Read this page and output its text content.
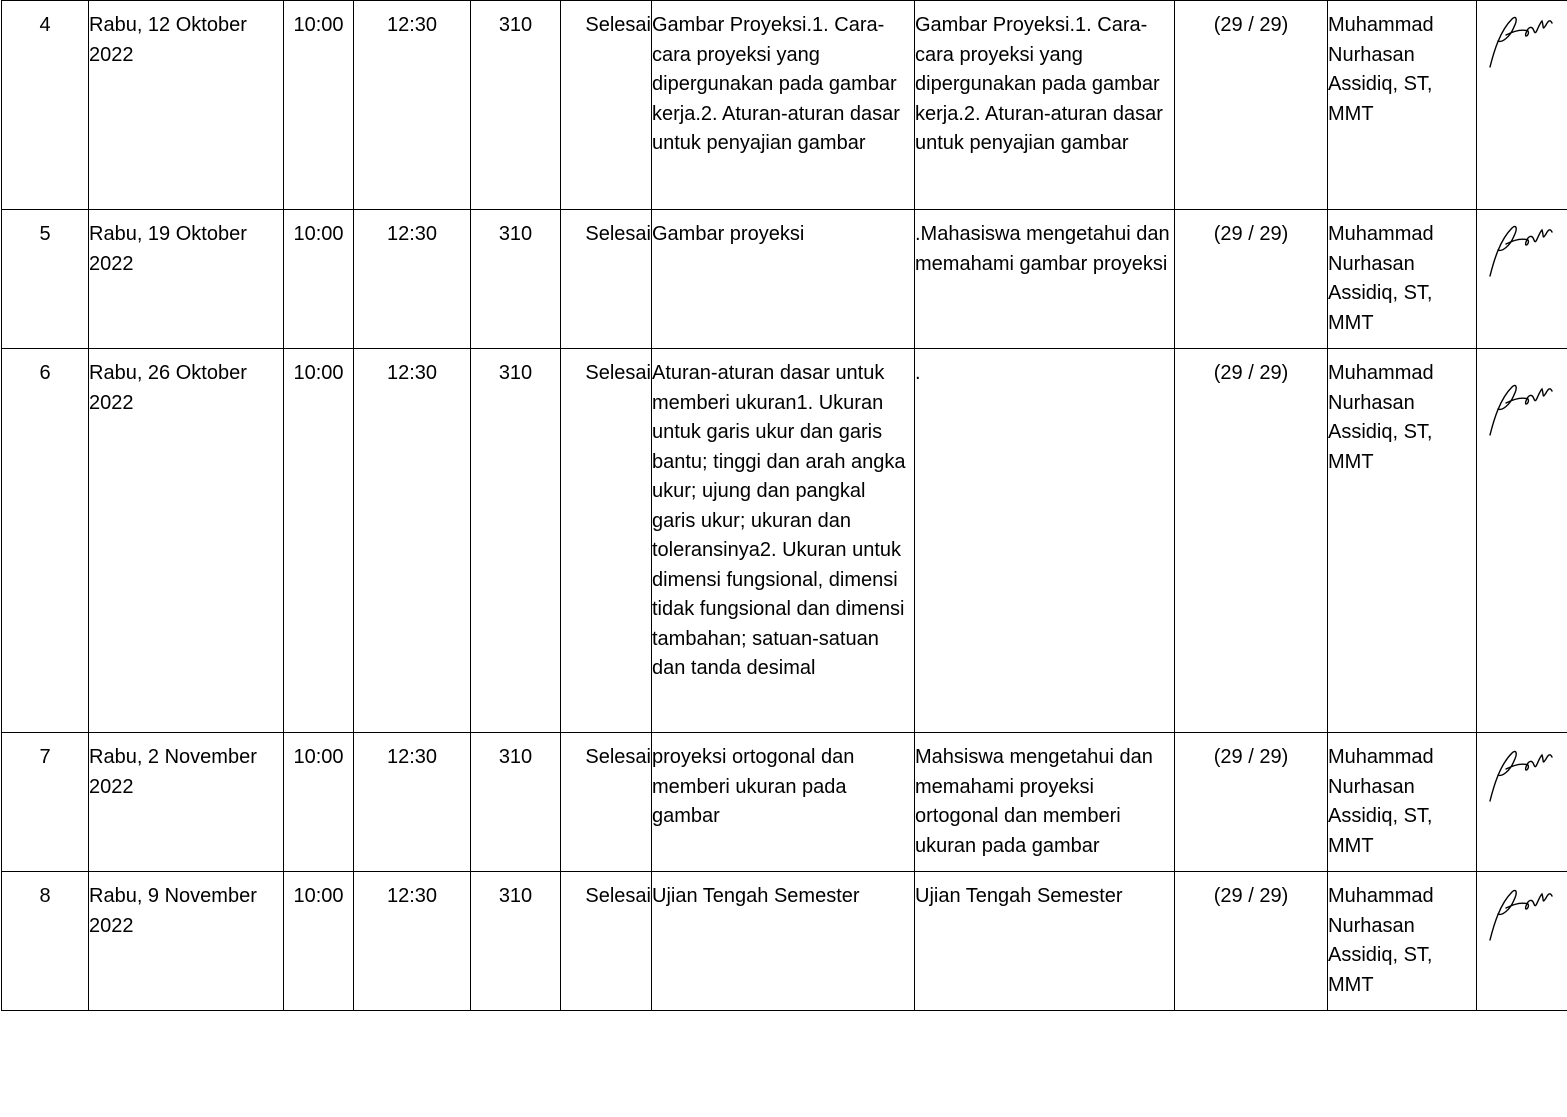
4	Rabu, 12 Oktober 2022	10:00	12:30	310	Selesai	Gambar Proyeksi.1. Cara-cara proyeksi yang dipergunakan pada gambar kerja.2. Aturan-aturan dasar untuk penyajian gambar	Gambar Proyeksi.1. Cara-cara proyeksi yang dipergunakan pada gambar kerja.2. Aturan-aturan dasar untuk penyajian gambar	(29 / 29)	Muhammad Nurhasan Assidiq, ST, MMT	
5	Rabu, 19 Oktober 2022	10:00	12:30	310	Selesai	Gambar proyeksi	.Mahasiswa mengetahui dan memahami gambar proyeksi	(29 / 29)	Muhammad Nurhasan Assidiq, ST, MMT	
6	Rabu, 26 Oktober 2022	10:00	12:30	310	Selesai	Aturan-aturan dasar untuk memberi ukuran1. Ukuran untuk garis ukur dan garis bantu; tinggi dan arah angka ukur; ujung dan pangkal garis ukur; ukuran dan toleransinya2. Ukuran untuk dimensi fungsional, dimensi tidak fungsional dan dimensi tambahan; satuan-satuan dan tanda desimal	.	(29 / 29)	Muhammad Nurhasan Assidiq, ST, MMT	
7	Rabu, 2 November 2022	10:00	12:30	310	Selesai	proyeksi ortogonal dan memberi ukuran pada gambar	Mahsiswa mengetahui dan memahami proyeksi ortogonal dan memberi ukuran pada gambar	(29 / 29)	Muhammad Nurhasan Assidiq, ST, MMT	
8	Rabu, 9 November 2022	10:00	12:30	310	Selesai	Ujian Tengah Semester	Ujian Tengah Semester	(29 / 29)	Muhammad Nurhasan Assidiq, ST, MMT	
